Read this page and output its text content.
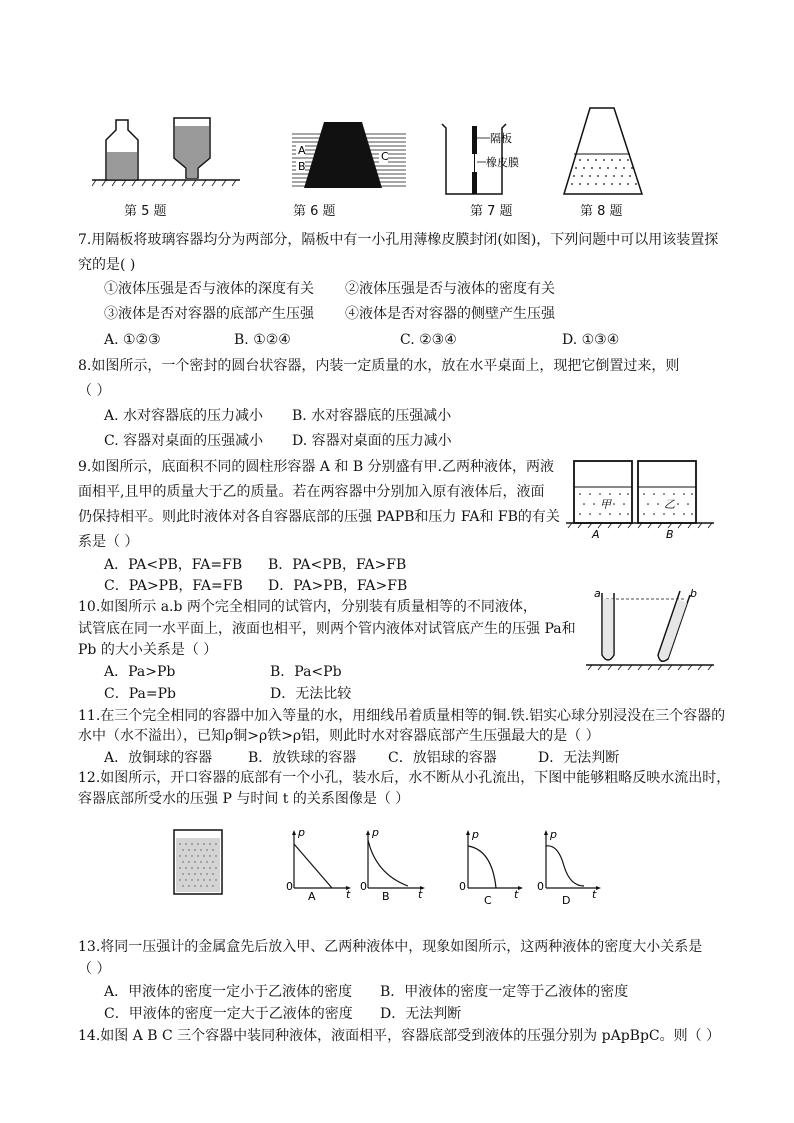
A
B
C
隔板
橡皮膜
第 5 题	第 6 题	第 7 题	第 8 题
7.用隔板将玻璃容器均分为两部分，隔板中有一小孔用薄橡皮膜封闭(如图)，下列问题中可以用该装置探
究的是( )
①液体压强是否与液体的深度有关 ②液体压强是否与液体的密度有关
③液体是否对容器的底部产生压强 ④液体是否对容器的侧壁产生压强
A. ①②③	B. ①②④	C. ②③④	D. ①③④
8.如图所示，一个密封的圆台状容器，内装一定质量的水，放在水平桌面上，现把它倒置过来，则
（ ）
A. 水对容器底的压力减小 B. 水对容器底的压强减小
C. 容器对桌面的压强减小 D. 容器对桌面的压力减小
9.如图所示，底面积不同的圆柱形容器 A 和 B 分别盛有甲.乙两种液体，两液
面相平,且甲的质量大于乙的质量。若在两容器中分别加入原有液体后，液面
仍保持相平。则此时液体对各自容器底部的压强 PAPB和压力 FA和 FB的有关
系是（ ）
A．PA<PB，FA=FB B．PA<PB，FA>FB
C．PA>PB，FA=FB D．PA>PB，FA>FB
甲	乙
A	B
10.如图所示 a.b 两个完全相同的试管内，分别装有质量相等的不同液体，
试管底在同一水平面上，液面也相平，则两个管内液体对试管底产生的压强 Pa和
Pb 的大小关系是（ ）
A．Pa>Pb	B．Pa<Pb
C．Pa=Pb	D．无法比较
a	b
11.在三个完全相同的容器中加入等量的水，用细线吊着质量相等的铜.铁.铝实心球分别浸没在三个容器的
水中（水不溢出），已知ρ铜>ρ铁>ρ铝，则此时水对容器底部产生压强最大的是（ ）
A．放铜球的容器	B．放铁球的容器 C．放铝球的容器	D．无法判断
12.如图所示，开口容器的底部有一个小孔，装水后，水不断从小孔流出，下图中能够粗略反映水流出时，
容器底部所受水的压强 P 与时间 t 的关系图像是（ ）
p
t
0
A
p
t
0
B
p
t
0
C
p
t
0
D
13.将同一压强计的金属盒先后放入甲、乙两种液体中，现象如图所示，这两种液体的密度大小关系是
（ ）
A．甲液体的密度一定小于乙液体的密度 B．甲液体的密度一定等于乙液体的密度
C．甲液体的密度一定大于乙液体的密度 D．无法判断
14.如图 A B C 三个容器中装同种液体，液面相平，容器底部受到液体的压强分别为 pApBpC。则（ ）
